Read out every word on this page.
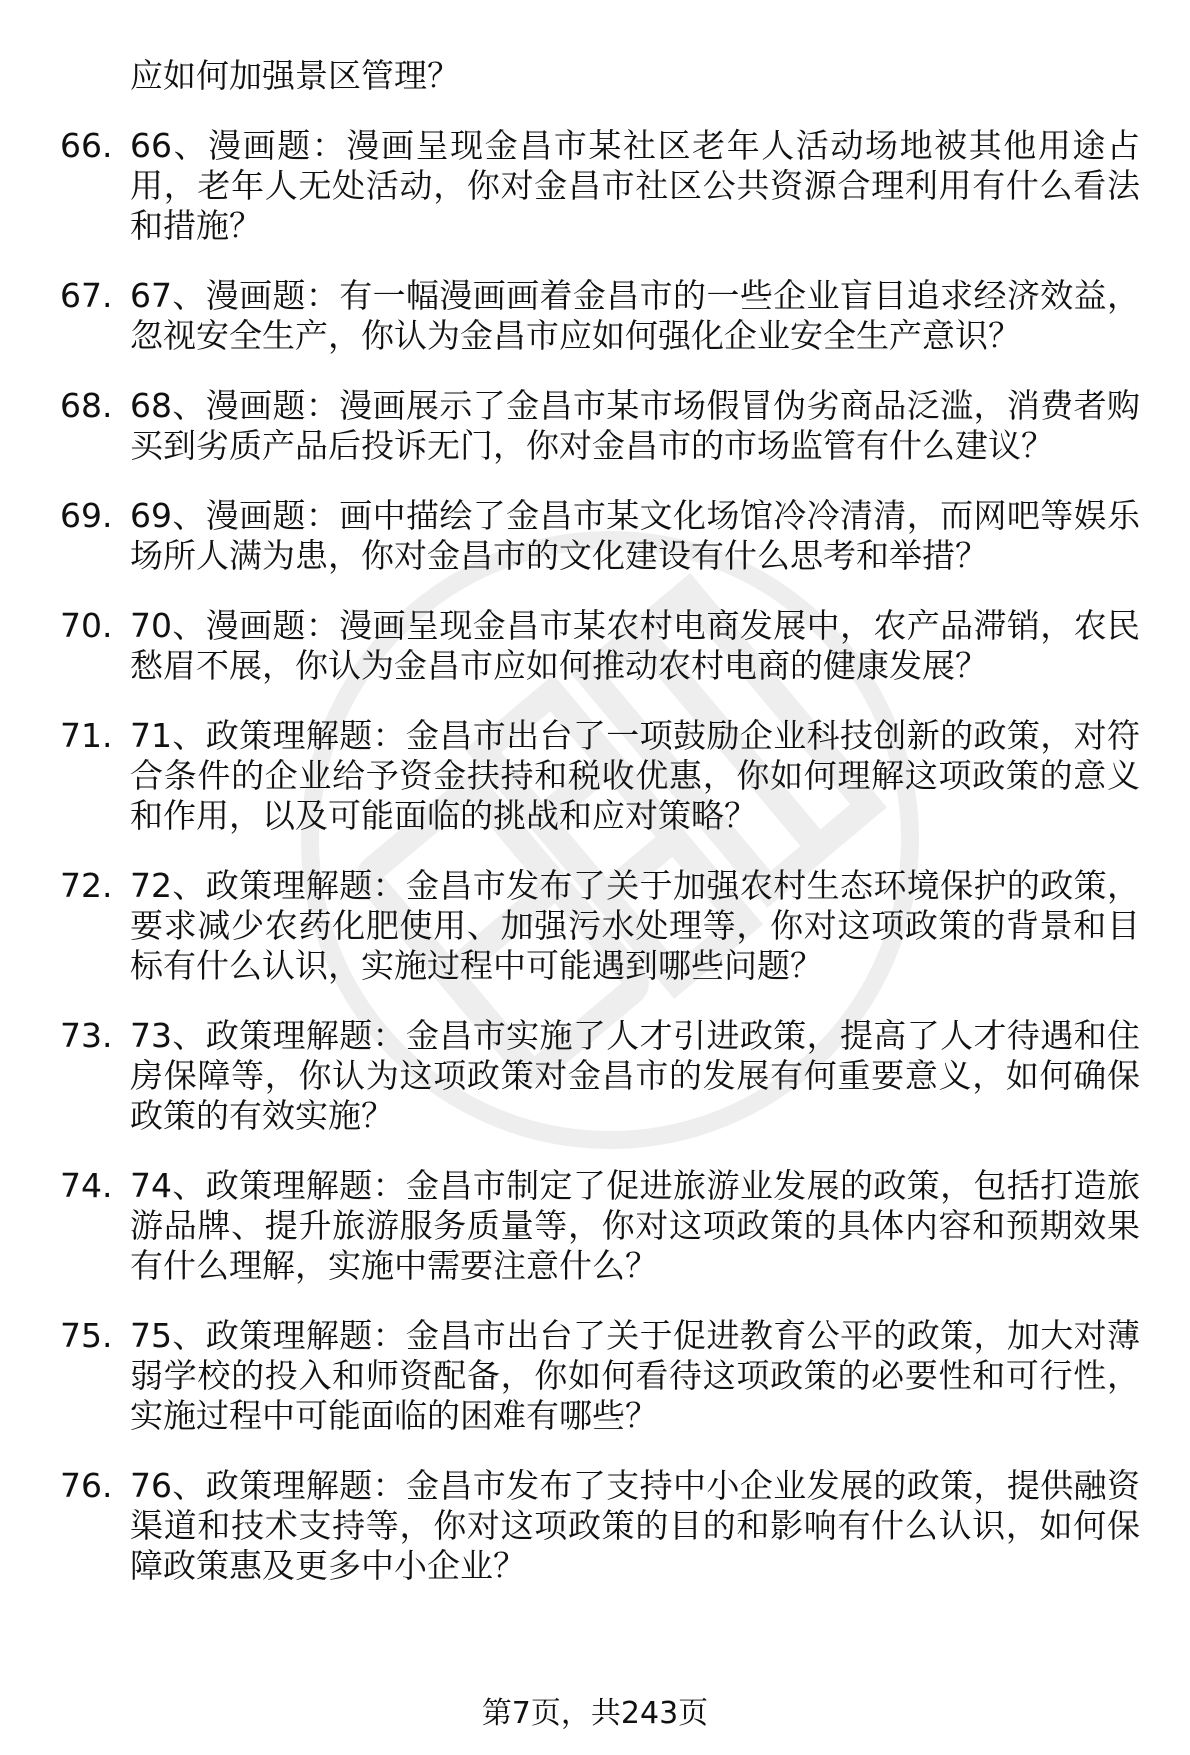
应如何加强景区管理？
66. 66、漫画题：漫画呈现金昌市某社区老年人活动场地被其他用途占用，老年人无处活动，你对金昌市社区公共资源合理利用有什么看法和措施？
67. 67、漫画题：有一幅漫画画着金昌市的一些企业盲目追求经济效益，忽视安全生产，你认为金昌市应如何强化企业安全生产意识？
68. 68、漫画题：漫画展示了金昌市某市场假冒伪劣商品泛滥，消费者购买到劣质产品后投诉无门，你对金昌市的市场监管有什么建议？
69. 69、漫画题：画中描绘了金昌市某文化场馆冷冷清清，而网吧等娱乐场所人满为患，你对金昌市的文化建设有什么思考和举措？
70. 70、漫画题：漫画呈现金昌市某农村电商发展中，农产品滞销，农民愁眉不展，你认为金昌市应如何推动农村电商的健康发展？
71. 71、政策理解题：金昌市出台了一项鼓励企业科技创新的政策，对符合条件的企业给予资金扶持和税收优惠，你如何理解这项政策的意义和作用，以及可能面临的挑战和应对策略？
72. 72、政策理解题：金昌市发布了关于加强农村生态环境保护的政策，要求减少农药化肥使用、加强污水处理等，你对这项政策的背景和目标有什么认识，实施过程中可能遇到哪些问题？
73. 73、政策理解题：金昌市实施了人才引进政策，提高了人才待遇和住房保障等，你认为这项政策对金昌市的发展有何重要意义，如何确保政策的有效实施？
74. 74、政策理解题：金昌市制定了促进旅游业发展的政策，包括打造旅游品牌、提升旅游服务质量等，你对这项政策的具体内容和预期效果有什么理解，实施中需要注意什么？
75. 75、政策理解题：金昌市出台了关于促进教育公平的政策，加大对薄弱学校的投入和师资配备，你如何看待这项政策的必要性和可行性，实施过程中可能面临的困难有哪些？
76. 76、政策理解题：金昌市发布了支持中小企业发展的政策，提供融资渠道和技术支持等，你对这项政策的目的和影响有什么认识，如何保障政策惠及更多中小企业？
第7页，共243页
